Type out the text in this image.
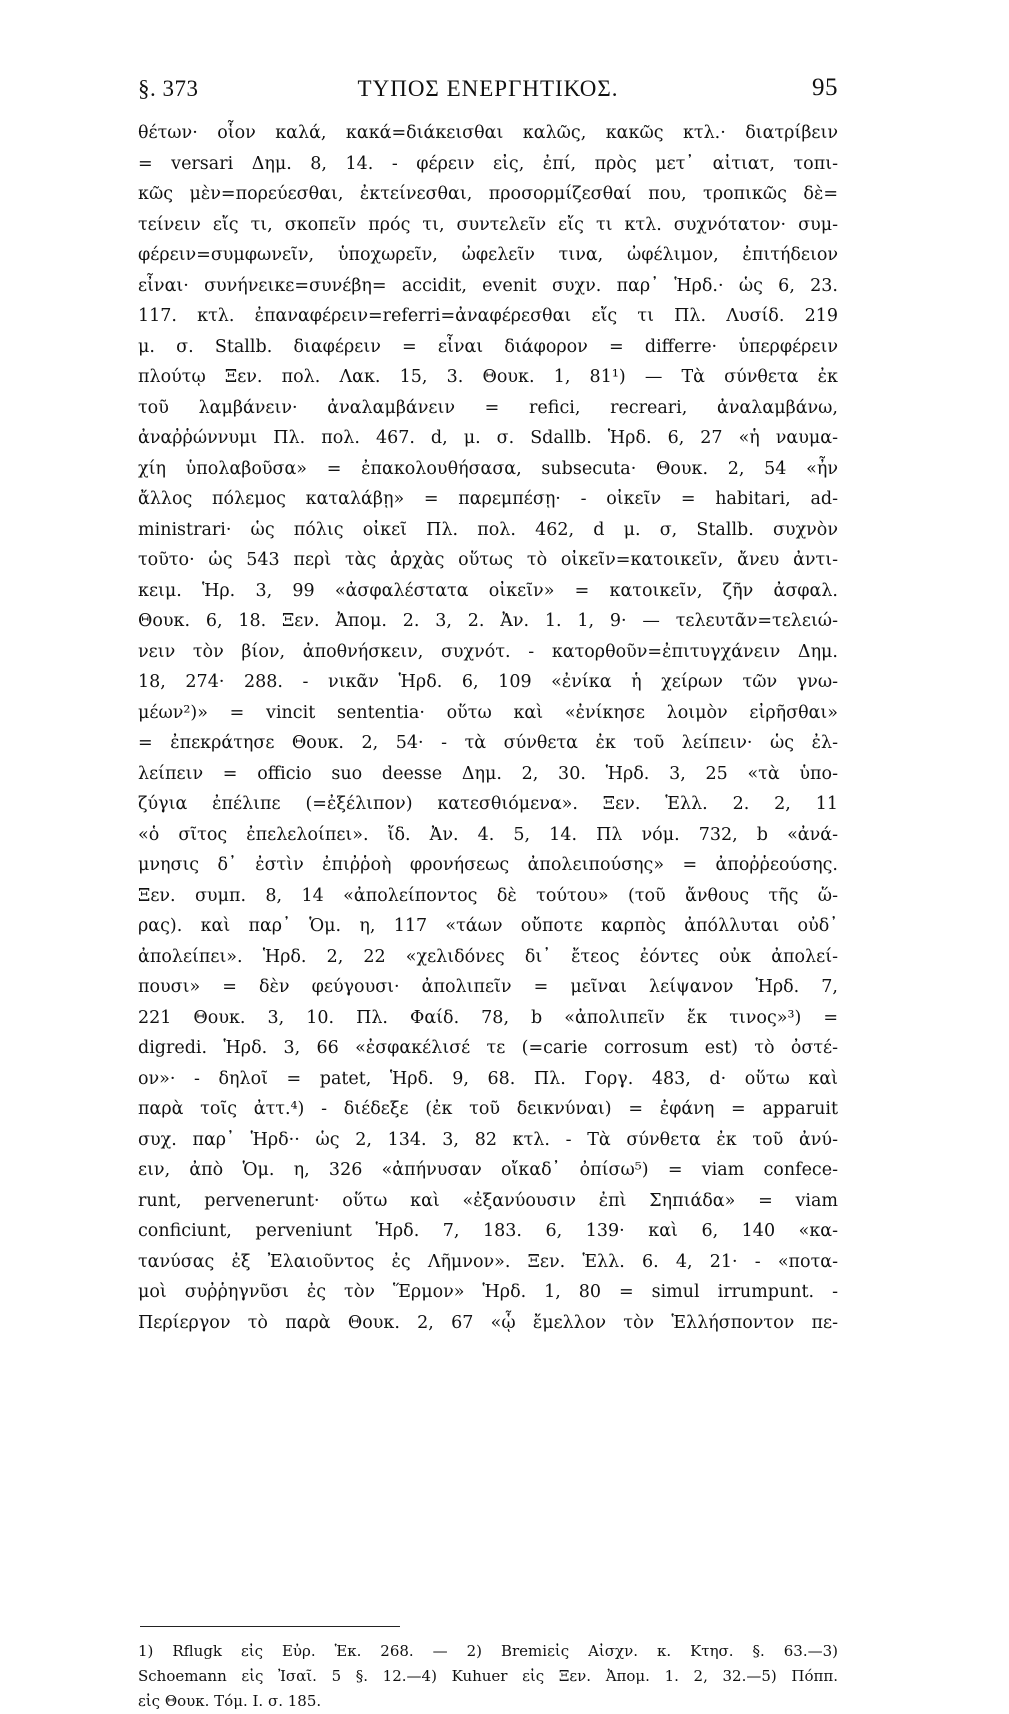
§. 373	ΤΥΠΟΣ ΕΝΕΡΓΗΤΙΚΟΣ.	95
θέτων· οἷον καλά, κακά=διάκεισθαι καλῶς, κακῶς κτλ.· διατρίβειν
= versari Δημ. 8, 14. - φέρειν εἰς, ἐπί, πρὸς μετ᾽ αἰτιατ, τοπι-
κῶς μὲν=πορεύεσθαι, ἐκτείνεσθαι, προσορμίζεσθαί που, τροπικῶς δὲ=
τείνειν εἴς τι, σκοπεῖν πρός τι, συντελεῖν εἴς τι κτλ. συχνότατον· συμ-
φέρειν=συμφωνεῖν, ὑποχωρεῖν, ὠφελεῖν τινα, ὠφέλιμον, ἐπιτήδειον
εἶναι· συνήνεικε=συνέβη= accidit, evenit συχν. παρ᾽ Ἡρδ.· ὡς 6, 23.
117. κτλ. ἐπαναφέρειν=referri=ἀναφέρεσθαι εἴς τι Πλ. Λυσίδ. 219
μ. σ. Stallb. διαφέρειν = εἶναι διάφορον = differre· ὑπερφέρειν
πλούτῳ Ξεν. πολ. Λακ. 15, 3. Θουκ. 1, 81¹) — Τὰ σύνθετα ἐκ
τοῦ λαμβάνειν· ἀναλαμβάνειν = refici, recreari, ἀναλαμβάνω,
ἀναῤῥώννυμι Πλ. πολ. 467. d, μ. σ. Sdallb. Ἡρδ. 6, 27 «ἡ ναυμα-
χίη ὑπολαβοῦσα» = ἐπακολουθήσασα, subsecuta· Θουκ. 2, 54 «ἦν
ἄλλος πόλεμος καταλάβῃ» = παρεμπέσῃ· - οἰκεῖν = habitari, ad-
ministrari· ὡς πόλις οἰκεῖ Πλ. πολ. 462, d μ. σ, Stallb. συχνὸν
τοῦτο· ὡς 543 περὶ τὰς ἀρχὰς οὕτως τὸ οἰκεῖν=κατοικεῖν, ἄνευ ἀντι-
κειμ. Ἡρ. 3, 99 «ἀσφαλέστατα οἰκεῖν» = κατοικεῖν, ζῆν ἀσφαλ.
Θουκ. 6, 18. Ξεν. Ἀπομ. 2. 3, 2. Ἀν. 1. 1, 9· — τελευτᾶν=τελειώ-
νειν τὸν βίον, ἀποθνήσκειν, συχνότ. - κατορθοῦν=ἐπιτυγχάνειν Δημ.
18, 274· 288. - νικᾶν Ἡρδ. 6, 109 «ἐνίκα ἡ χείρων τῶν γνω-
μέων²)» = vincit sententia· οὕτω καὶ «ἐνίκησε λοιμὸν εἰρῆσθαι»
= ἐπεκράτησε Θουκ. 2, 54· - τὰ σύνθετα ἐκ τοῦ λείπειν· ὡς ἐλ-
λείπειν = officio suo deesse Δημ. 2, 30. Ἡρδ. 3, 25 «τὰ ὑπο-
ζύγια ἐπέλιπε (=ἐξέλιπον) κατεσθιόμενα». Ξεν. Ἑλλ. 2. 2, 11
«ὁ σῖτος ἐπελελοίπει». ἴδ. Ἀν. 4. 5, 14. Πλ νόμ. 732, b «ἀνά-
μνησις δ᾽ ἐστὶν ἐπιῤῥοὴ φρονήσεως ἀπολειπούσης» = ἀποῤῥεούσης.
Ξεν. συμπ. 8, 14 «ἀπολείποντος δὲ τούτου» (τοῦ ἄνθους τῆς ὥ-
ρας). καὶ παρ᾽ Ὁμ. η, 117 «τάων οὔποτε καρπὸς ἀπόλλυται οὐδ᾽
ἀπολείπει». Ἡρδ. 2, 22 «χελιδόνες δι᾽ ἔτεος ἐόντες οὐκ ἀπολεί-
πουσι» = δὲν φεύγουσι· ἀπολιπεῖν = μεῖναι λείψανον Ἡρδ. 7,
221 Θουκ. 3, 10. Πλ. Φαίδ. 78, b «ἀπολιπεῖν ἔκ τινος»³) =
digredi. Ἡρδ. 3, 66 «ἐσφακέλισέ τε (=carie corrosum est) τὸ ὀστέ-
ον»· - δηλοῖ = patet, Ἡρδ. 9, 68. Πλ. Γοργ. 483, d· οὕτω καὶ
παρὰ τοῖς ἀττ.⁴) - διέδεξε (ἐκ τοῦ δεικνύναι) = ἐφάνη = apparuit
συχ. παρ᾽ Ἡρδ·· ὡς 2, 134. 3, 82 κτλ. - Τὰ σύνθετα ἐκ τοῦ ἀνύ-
ειν, ἀπὸ Ὁμ. η, 326 «ἀπήνυσαν οἴκαδ᾽ ὀπίσω⁵) = viam confece-
runt, pervenerunt· οὕτω καὶ «ἐξανύουσιν ἐπὶ Σηπιάδα» = viam
conficiunt, perveniunt Ἡρδ. 7, 183. 6, 139· καὶ 6, 140 «κα-
τανύσας ἐξ Ἐλαιοῦντος ἐς Λῆμνον». Ξεν. Ἑλλ. 6. 4, 21· - «ποτα-
μοὶ συῤῥηγνῦσι ἐς τὸν Ἕρμον» Ἡρδ. 1, 80 = simul irrumpunt. -
Περίεργον τὸ παρὰ Θουκ. 2, 67 «ᾧ ἔμελλον τὸν Ἑλλήσποντον πε-
1) Rflugk εἰς Εὐρ. Ἑκ. 268. — 2) Bremiεἰς Αἰσχν. κ. Κτησ. §. 63.—3)
Schoemann εἰς Ἰσαῖ. 5 §. 12.—4) Kuhuer εἰς Ξεν. Ἀπομ. 1. 2, 32.—5) Πόππ.
εἰς Θουκ. Τόμ. Ι. σ. 185.
